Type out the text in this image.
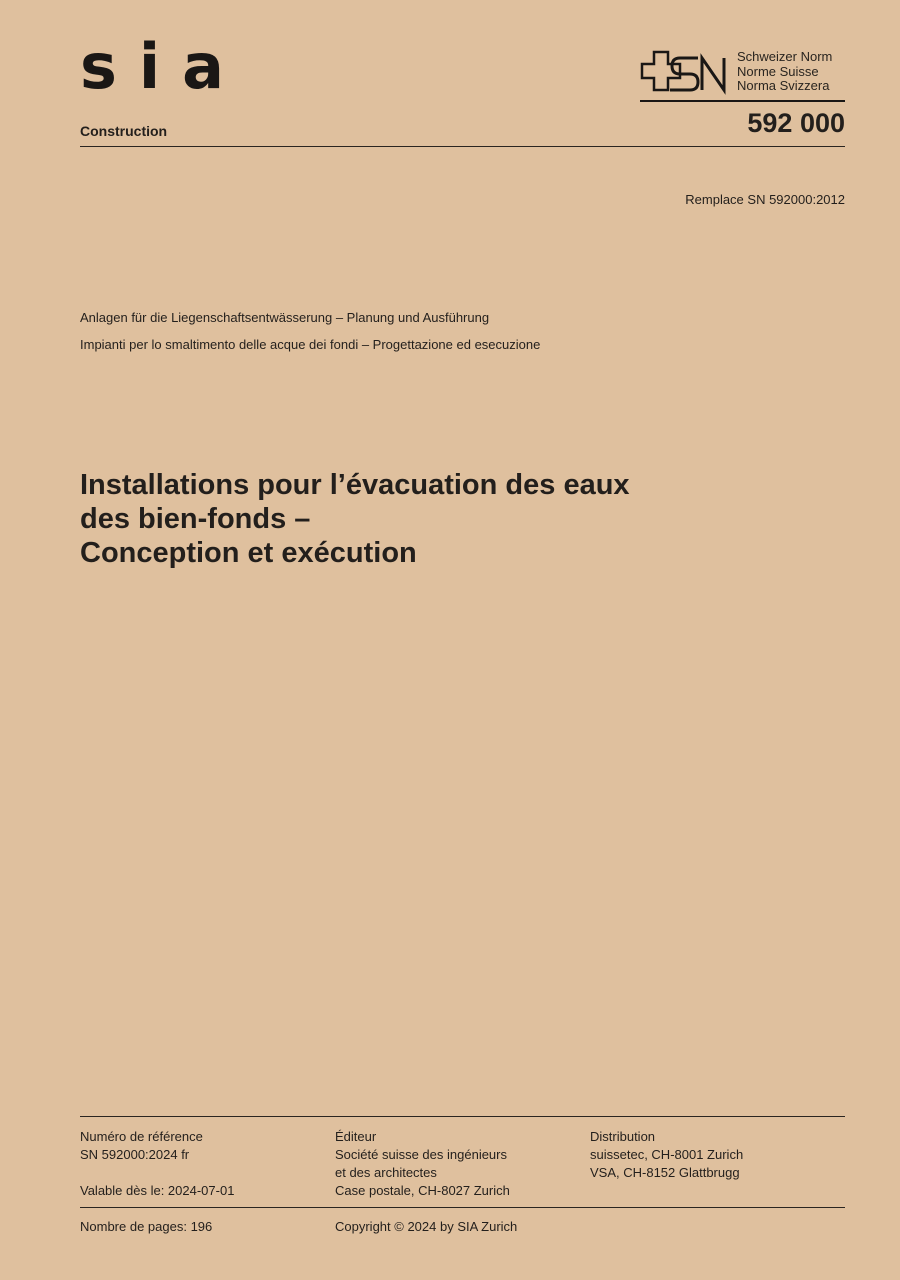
sia
Construction
Schweizer Norm
Norme Suisse
Norma Svizzera
592 000
Remplace SN 592000:2012
Anlagen für die Liegenschaftsentwässerung – Planung und Ausführung
Impianti per lo smaltimento delle acque dei fondi – Progettazione ed esecuzione
Installations pour l’évacuation des eaux
des bien-fonds –
Conception et exécution
Numéro de référence
SN 592000:2024 fr
Valable dès le: 2024-07-01
Éditeur
Société suisse des ingénieurs
et des architectes
Case postale, CH-8027 Zurich
Distribution
suissetec, CH-8001 Zurich
VSA, CH-8152 Glattbrugg
Nombre de pages: 196	Copyright © 2024 by SIA Zurich
